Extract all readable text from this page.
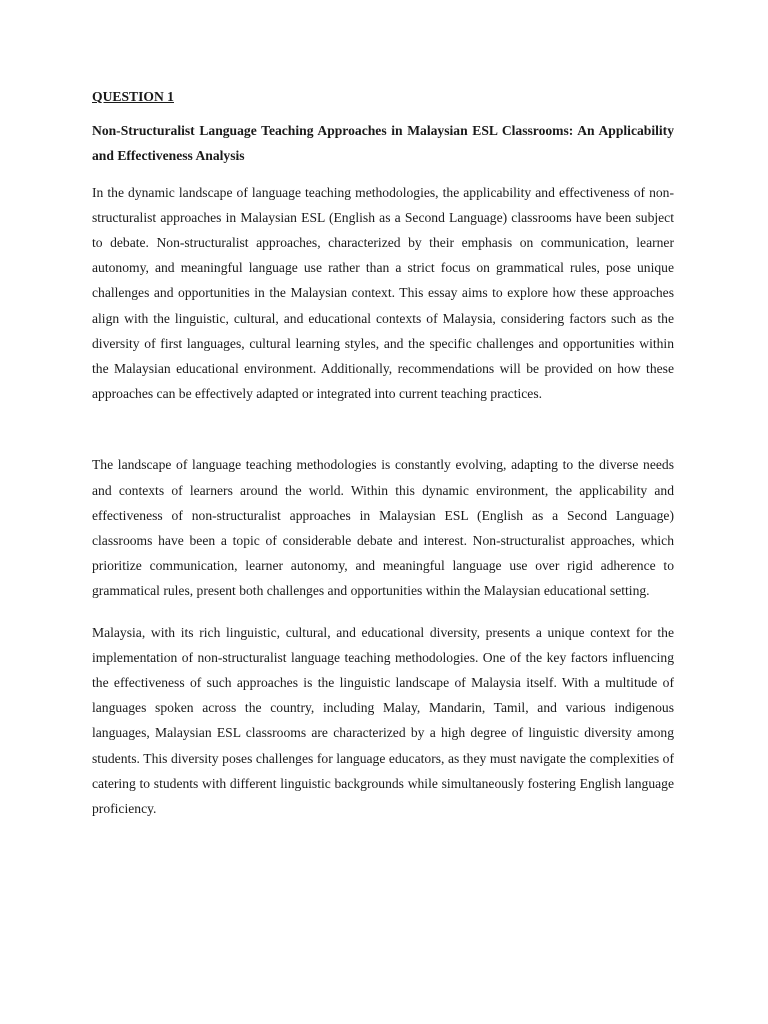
QUESTION 1
Non-Structuralist Language Teaching Approaches in Malaysian ESL Classrooms: An Applicability and Effectiveness Analysis

In the dynamic landscape of language teaching methodologies, the applicability and effectiveness of non-structuralist approaches in Malaysian ESL (English as a Second Language) classrooms have been subject to debate. Non-structuralist approaches, characterized by their emphasis on communication, learner autonomy, and meaningful language use rather than a strict focus on grammatical rules, pose unique challenges and opportunities in the Malaysian context. This essay aims to explore how these approaches align with the linguistic, cultural, and educational contexts of Malaysia, considering factors such as the diversity of first languages, cultural learning styles, and the specific challenges and opportunities within the Malaysian educational environment. Additionally, recommendations will be provided on how these approaches can be effectively adapted or integrated into current teaching practices.

The landscape of language teaching methodologies is constantly evolving, adapting to the diverse needs and contexts of learners around the world. Within this dynamic environment, the applicability and effectiveness of non-structuralist approaches in Malaysian ESL (English as a Second Language) classrooms have been a topic of considerable debate and interest. Non-structuralist approaches, which prioritize communication, learner autonomy, and meaningful language use over rigid adherence to grammatical rules, present both challenges and opportunities within the Malaysian educational setting.

Malaysia, with its rich linguistic, cultural, and educational diversity, presents a unique context for the implementation of non-structuralist language teaching methodologies. One of the key factors influencing the effectiveness of such approaches is the linguistic landscape of Malaysia itself. With a multitude of languages spoken across the country, including Malay, Mandarin, Tamil, and various indigenous languages, Malaysian ESL classrooms are characterized by a high degree of linguistic diversity among students. This diversity poses challenges for language educators, as they must navigate the complexities of catering to students with different linguistic backgrounds while simultaneously fostering English language proficiency.
